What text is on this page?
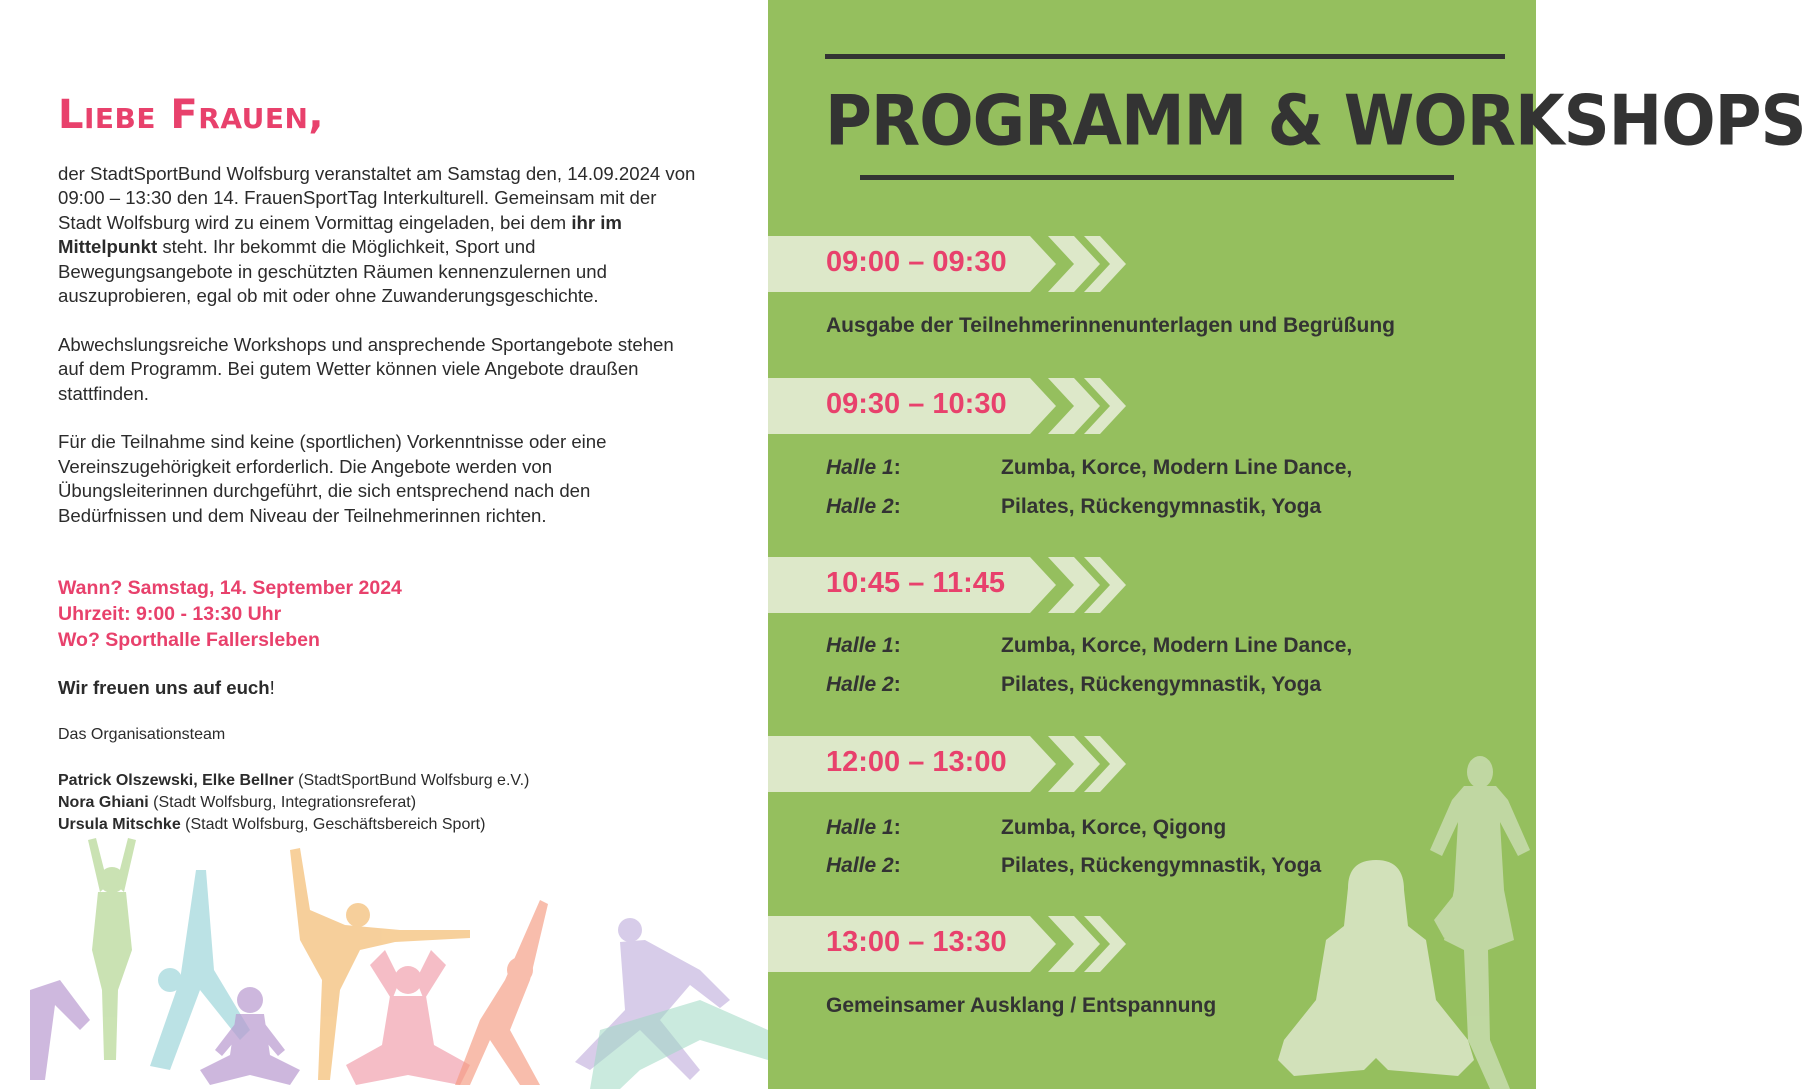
Liebe Frauen,

der StadtSportBund Wolfsburg veranstaltet am Samstag den, 14.09.2024 von 09:00 – 13:30 den 14. FrauenSportTag Interkulturell. Gemeinsam mit der Stadt Wolfsburg wird zu einem Vormittag eingeladen, bei dem ihr im Mittelpunkt steht. Ihr bekommt die Möglichkeit, Sport und Bewegungsangebote in geschützten Räumen kennenzulernen und auszuprobieren, egal ob mit oder ohne Zuwanderungsgeschichte.

Abwechslungsreiche Workshops und ansprechende Sportangebote stehen auf dem Programm. Bei gutem Wetter können viele Angebote draußen stattfinden.

Für die Teilnahme sind keine (sportlichen) Vorkenntnisse oder eine Vereinszugehörigkeit erforderlich. Die Angebote werden von Übungsleiterinnen durchgeführt, die sich entsprechend nach den Bedürfnissen und dem Niveau der Teilnehmerinnen richten.

Wann? Samstag, 14. September 2024
Uhrzeit: 9:00 - 13:30 Uhr
Wo? Sporthalle Fallersleben
Wir freuen uns auf euch!
Das Organisationsteam
Patrick Olszewski, Elke Bellner (StadtSportBund Wolfsburg e.V.)
Nora Ghiani (Stadt Wolfsburg, Integrationsreferat)
Ursula Mitschke (Stadt Wolfsburg, Geschäftsbereich Sport)
PROGRAMM & WORKSHOPS
09:00 – 09:30
Ausgabe der Teilnehmerinnenunterlagen und Begrüßung
09:30 – 10:30
Halle 1:	Zumba, Korce, Modern Line Dance,
Halle 2:	Pilates, Rückengymnastik, Yoga
10:45 – 11:45
Halle 1:	Zumba, Korce, Modern Line Dance,
Halle 2:	Pilates, Rückengymnastik, Yoga
12:00 – 13:00
Halle 1:	Zumba, Korce, Qigong
Halle 2:	Pilates, Rückengymnastik, Yoga
13:00 – 13:30
Gemeinsamer Ausklang / Entspannung
